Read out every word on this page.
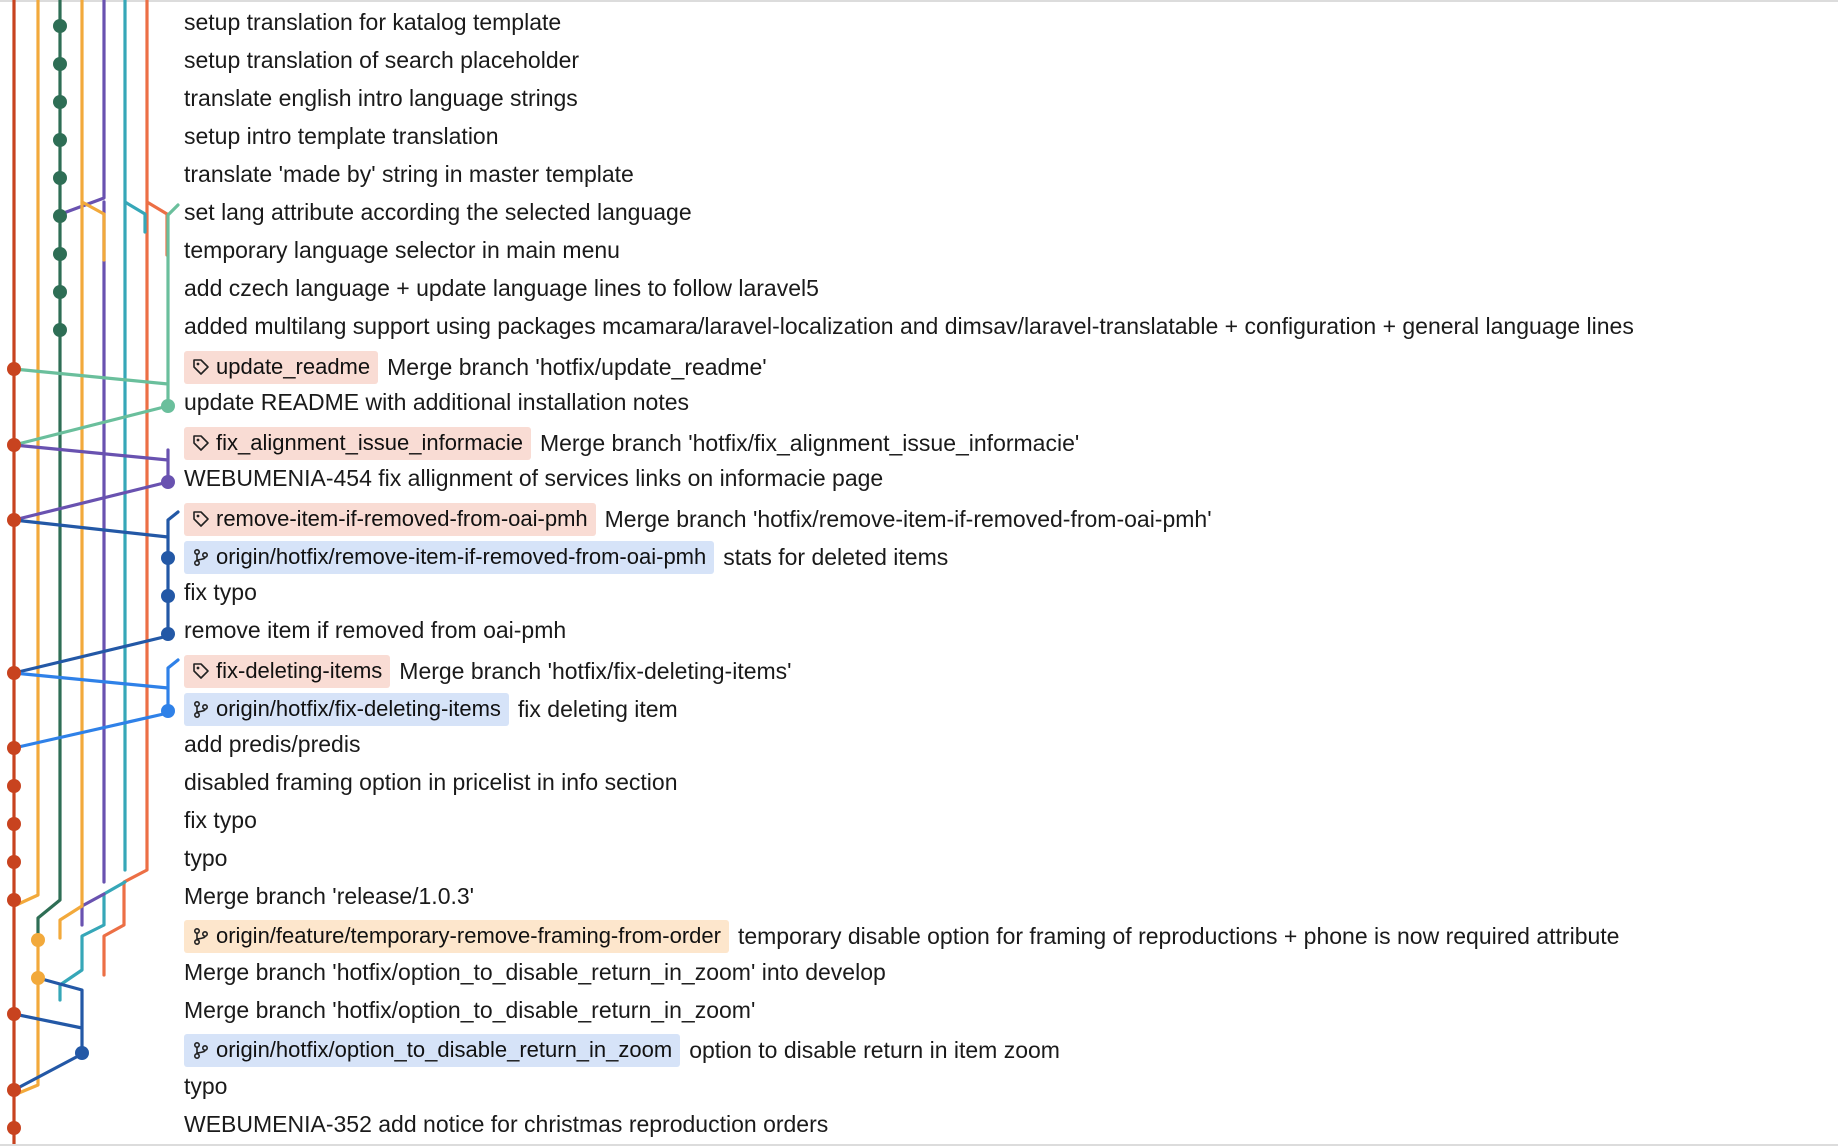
setup translation for katalog template
setup translation of search placeholder
translate english intro language strings
setup intro template translation
translate 'made by' string in master template
set lang attribute according the selected language
temporary language selector in main menu
add czech language + update language lines to follow laravel5
added multilang support using packages mcamara/laravel-localization and dimsav/laravel-translatable + configuration + general language lines
update_readme Merge branch 'hotfix/update_readme'
update README with additional installation notes
fix_alignment_issue_informacie Merge branch 'hotfix/fix_alignment_issue_informacie'
WEBUMENIA-454 fix allignment of services links on informacie page
remove-item-if-removed-from-oai-pmh Merge branch 'hotfix/remove-item-if-removed-from-oai-pmh'
origin/hotfix/remove-item-if-removed-from-oai-pmh stats for deleted items
fix typo
remove item if removed from oai-pmh
fix-deleting-items Merge branch 'hotfix/fix-deleting-items'
origin/hotfix/fix-deleting-items fix deleting item
add predis/predis
disabled framing option in pricelist in info section
fix typo
typo
Merge branch 'release/1.0.3'
origin/feature/temporary-remove-framing-from-order temporary disable option for framing of reproductions + phone is now required attribute
Merge branch 'hotfix/option_to_disable_return_in_zoom' into develop
Merge branch 'hotfix/option_to_disable_return_in_zoom'
origin/hotfix/option_to_disable_return_in_zoom option to disable return in item zoom
typo
WEBUMENIA-352 add notice for christmas reproduction orders
